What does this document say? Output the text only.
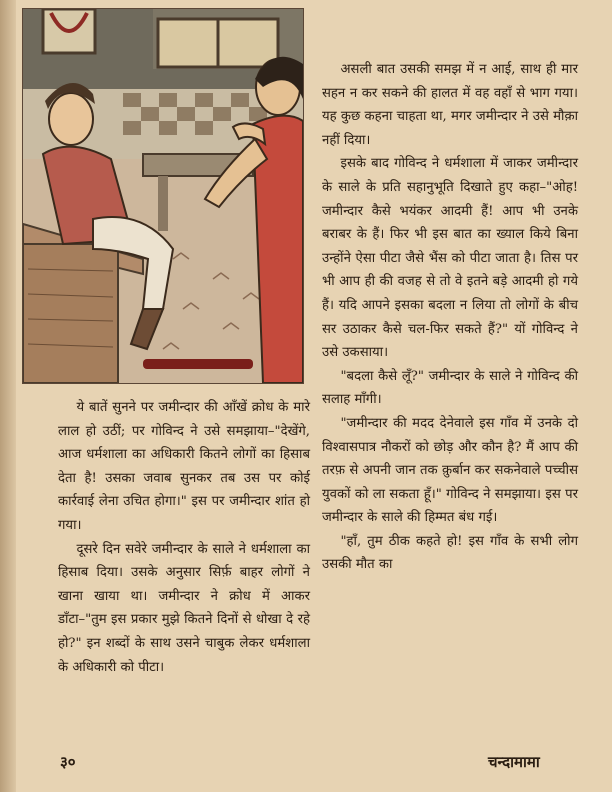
ये बातें सुनने पर जमीन्दार की आँखें क्रोध के मारे लाल हो उठीं; पर गोविन्द ने उसे समझाया–"देखेंगे, आज धर्मशाला का अधिकारी कितने लोगों का हिसाब देता है! उसका जवाब सुनकर तब उस पर कोई कार्रवाई लेना उचित होगा।" इस पर जमीन्दार शांत हो गया।

दूसरे दिन सवेरे जमीन्दार के साले ने धर्मशाला का हिसाब दिया। उसके अनुसार सिर्फ़ बाहर लोगों ने खाना खाया था। जमीन्दार ने क्रोध में आकर डाँटा–"तुम इस प्रकार मुझे कितने दिनों से धोखा दे रहे हो?" इन शब्दों के साथ उसने चाबुक लेकर धर्मशाला के अधिकारी को पीटा।

असली बात उसकी समझ में न आई, साथ ही मार सहन न कर सकने की हालत में वह वहाँ से भाग गया। यह कुछ कहना चाहता था, मगर जमीन्दार ने उसे मौक़ा नहीं दिया।

इसके बाद गोविन्द ने धर्मशाला में जाकर जमीन्दार के साले के प्रति सहानुभूति दिखाते हुए कहा–"ओह! जमीन्दार कैसे भयंकर आदमी हैं! आप भी उनके बराबर के हैं। फिर भी इस बात का ख्याल किये बिना उन्होंने ऐसा पीटा जैसे भैंस को पीटा जाता है। तिस पर भी आप ही की वजह से तो वे इतने बड़े आदमी हो गये हैं। यदि आपने इसका बदला न लिया तो लोगों के बीच सर उठाकर कैसे चल-फिर सकते हैं?" यों गोविन्द ने उसे उकसाया।

"बदला कैसे लूँ?" जमीन्दार के साले ने गोविन्द की सलाह माँगी।

"जमीन्दार की मदद देनेवाले इस गाँव में उनके दो विश्वासपात्र नौकरों को छोड़ और कौन है? मैं आप की तरफ़ से अपनी जान तक क़ुर्बान कर सकनेवाले पच्चीस युवकों को ला सकता हूँ।" गोविन्द ने समझाया। इस पर जमीन्दार के साले की हिम्मत बंध गई।

"हाँ, तुम ठीक कहते हो! इस गाँव के सभी लोग उसकी मौत का

३०	चन्दामामा
